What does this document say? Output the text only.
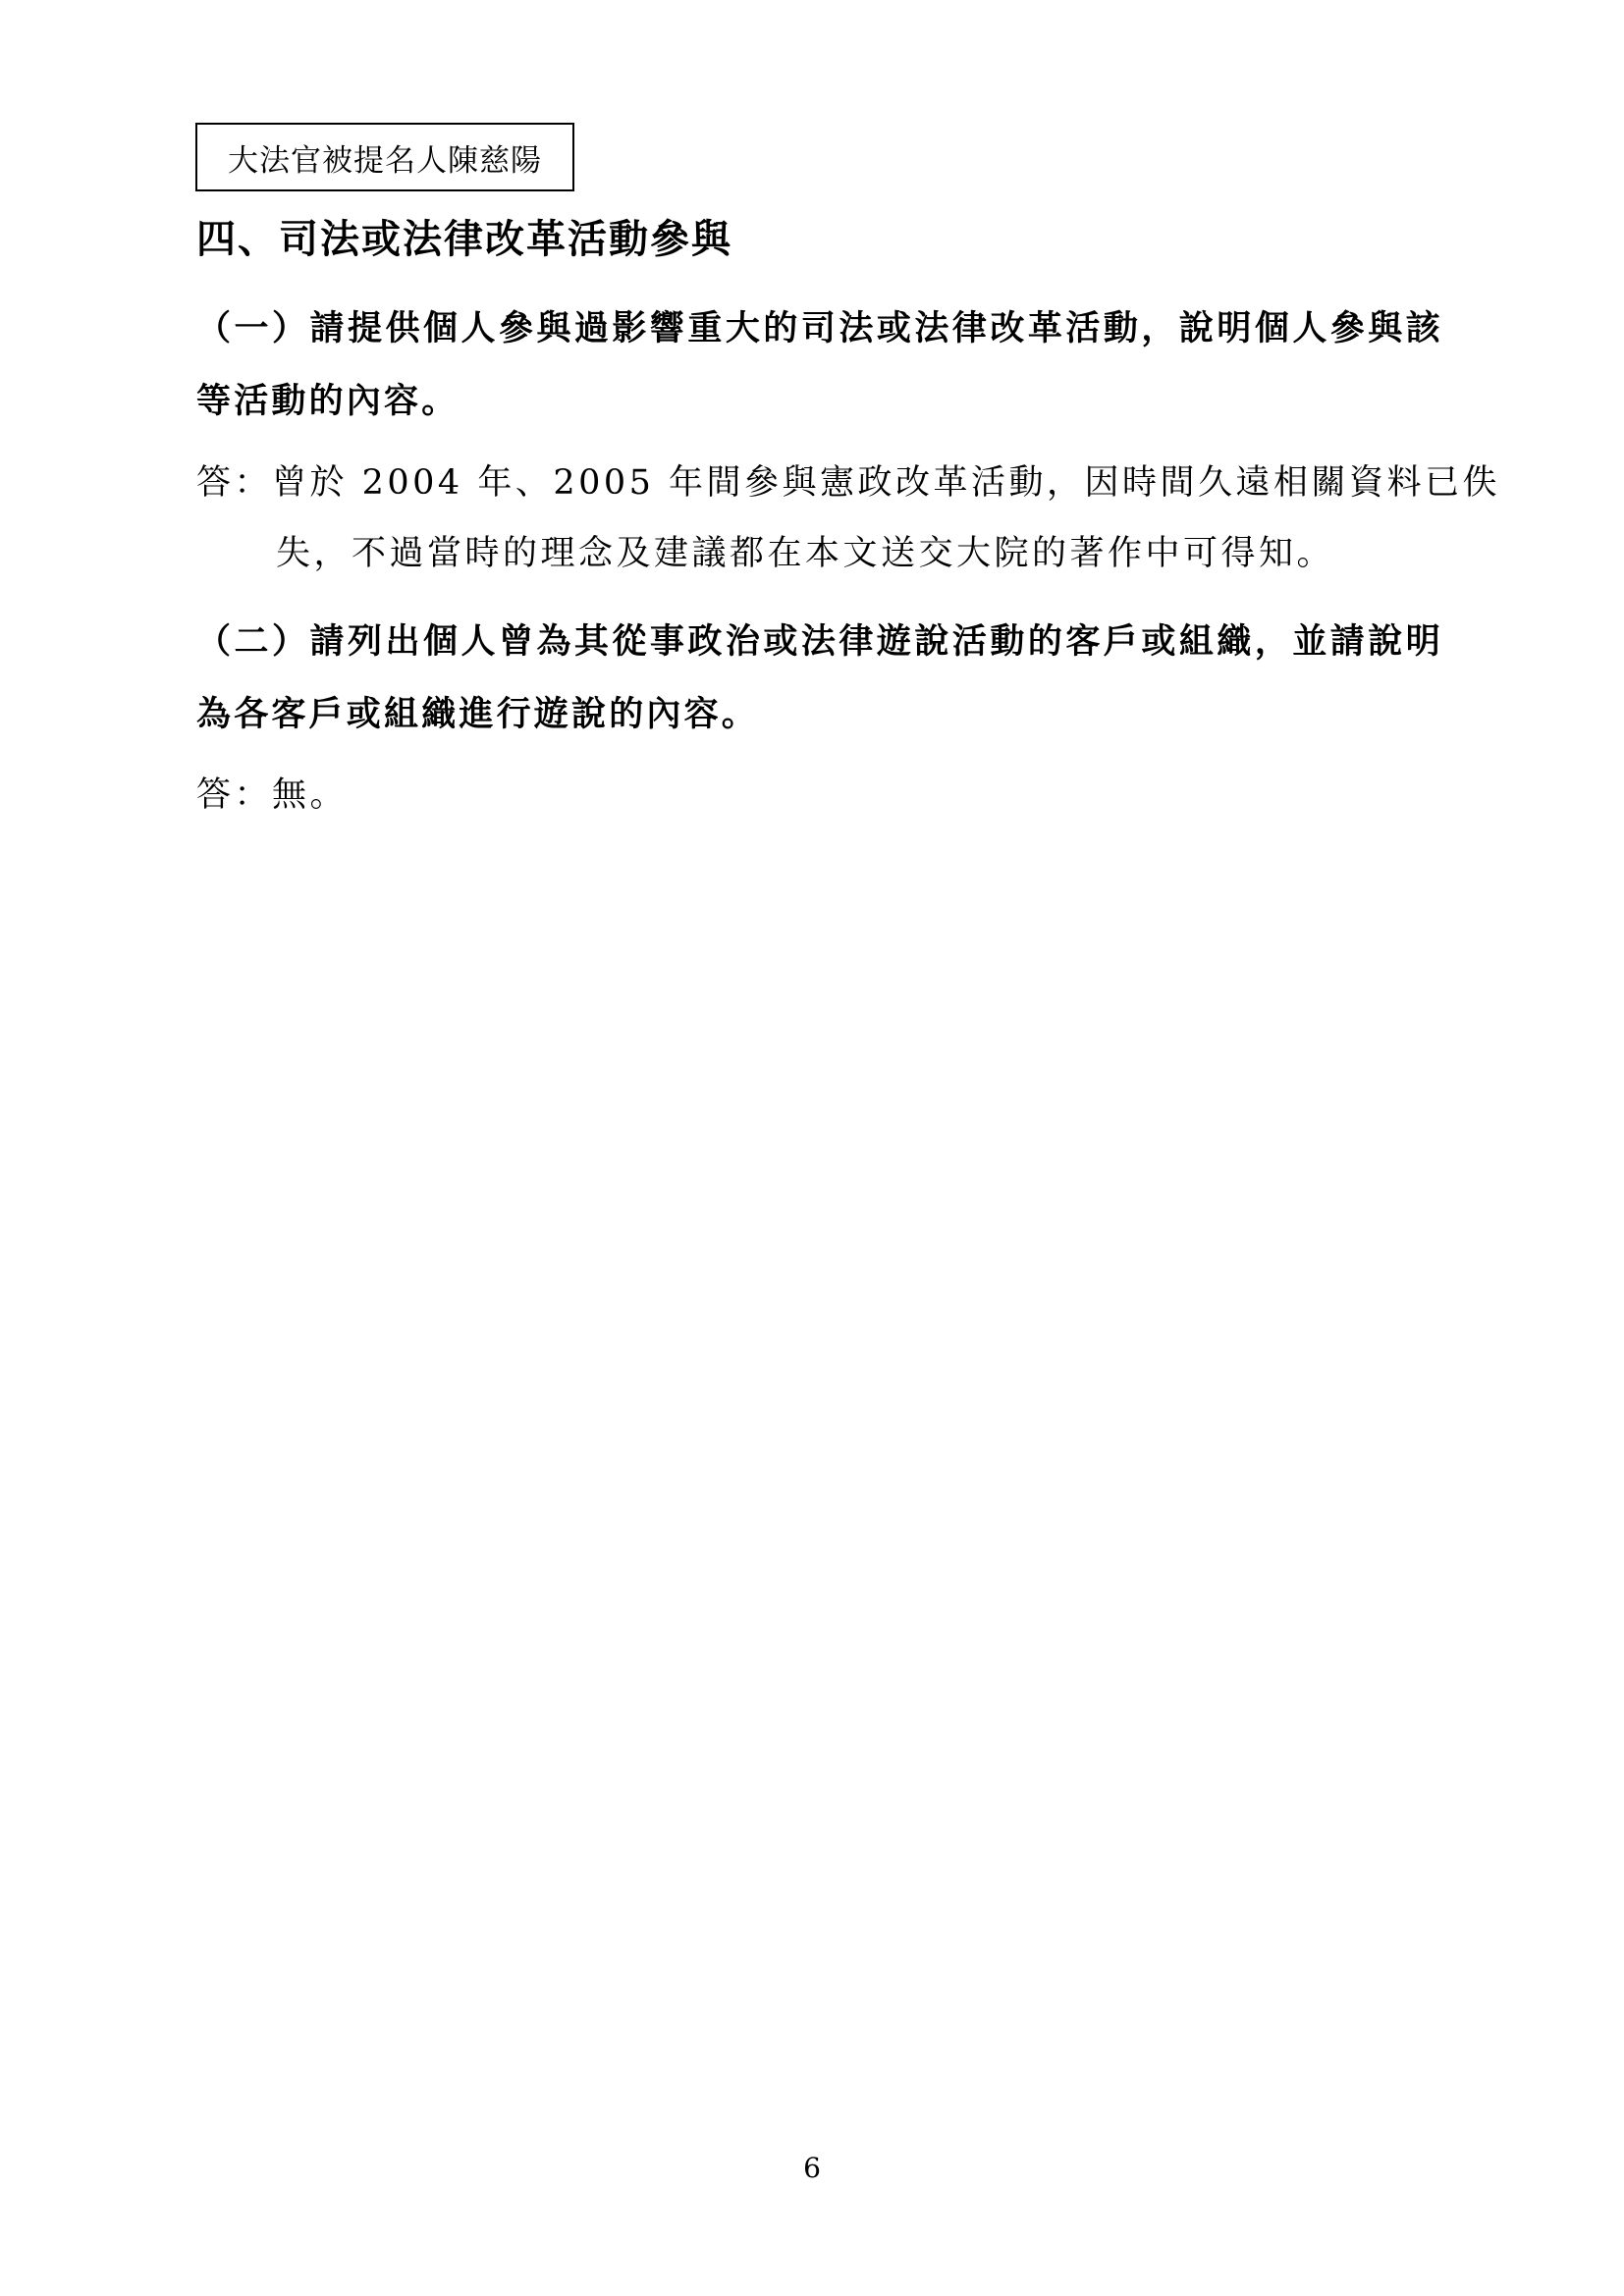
大法官被提名人陳慈陽
四、司法或法律改革活動參與
（一）請提供個人參與過影響重大的司法或法律改革活動，說明個人參與該等活動的內容。
答：曾於 2004 年、2005 年間參與憲政改革活動，因時間久遠相關資料已佚
失，不過當時的理念及建議都在本文送交大院的著作中可得知。
（二）請列出個人曾為其從事政治或法律遊說活動的客戶或組織，並請說明為各客戶或組織進行遊說的內容。
答：無。
6
